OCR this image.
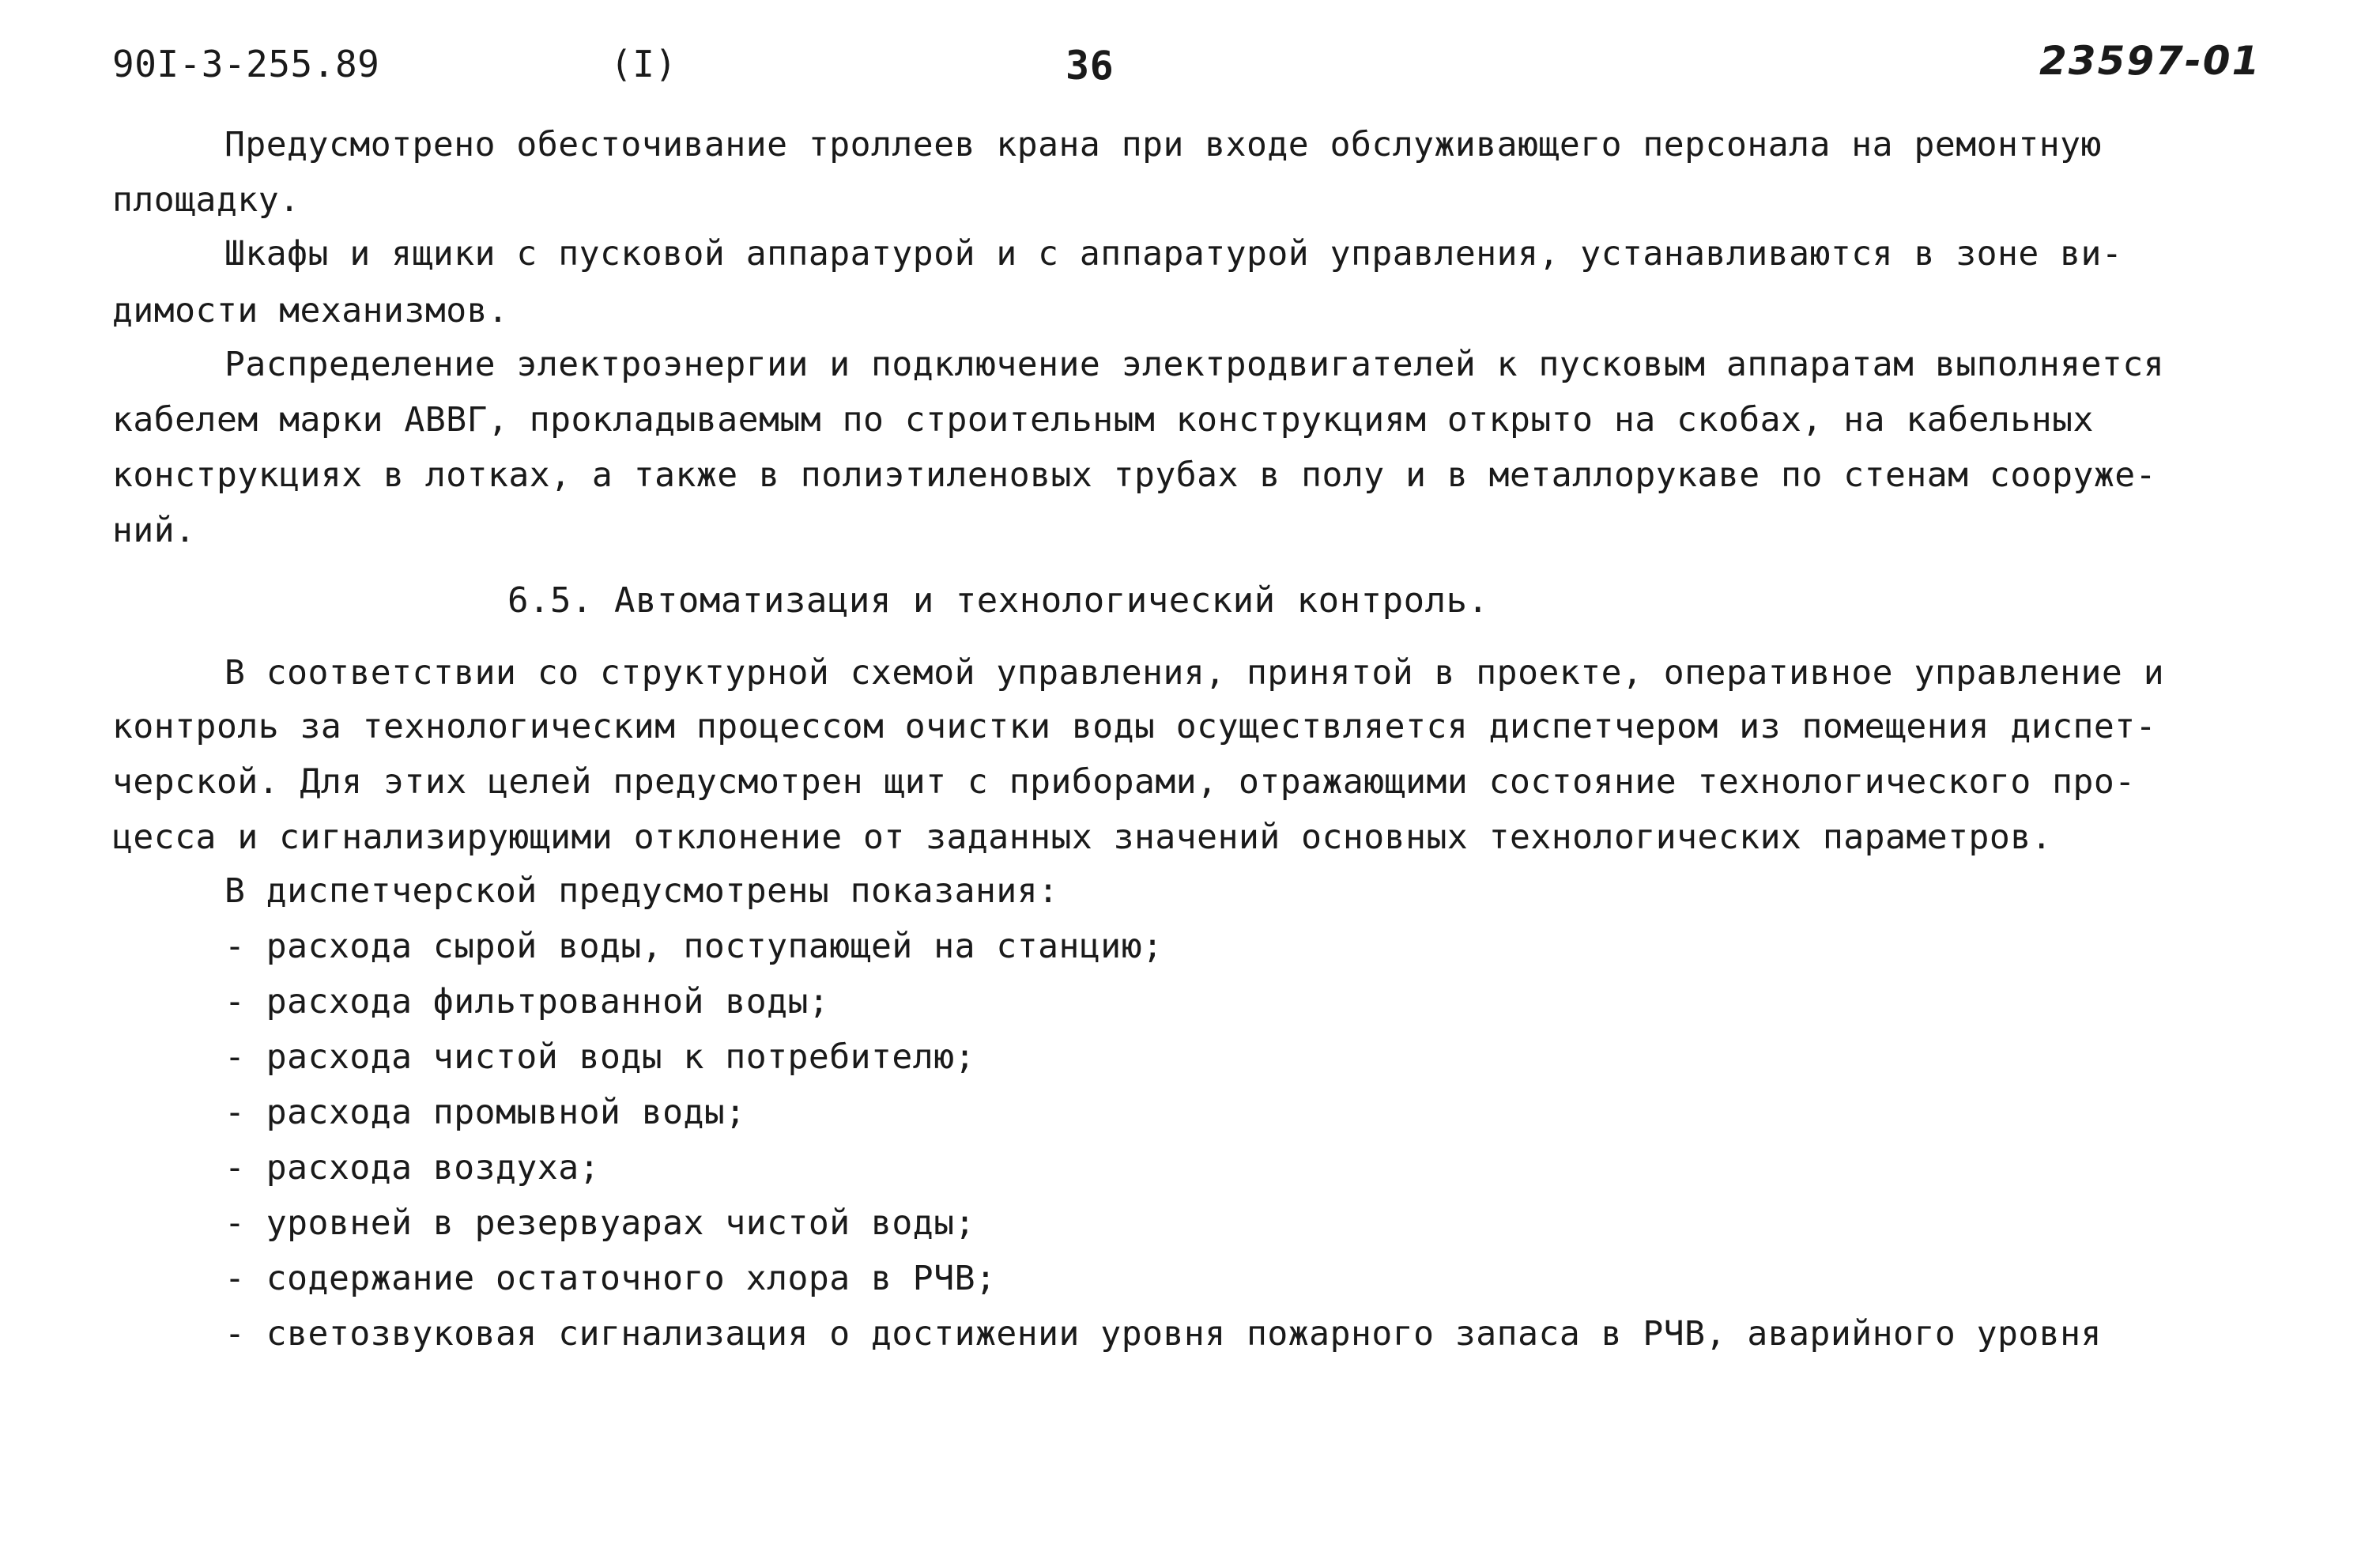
90I-3-255.89	(I)	36	23597-01
Предусмотрено обесточивание троллеев крана при входе обслуживающего персонала на ремонтную
площадку.
Шкафы и ящики с пусковой аппаратурой и с аппаратурой управления, устанавливаются в зоне ви-
димости механизмов.
Распределение электроэнергии и подключение электродвигателей к пусковым аппаратам выполняется
кабелем марки АВВГ, прокладываемым по строительным конструкциям открыто на скобах, на кабельных
конструкциях в лотках, а также в полиэтиленовых трубах в полу и в металлорукаве по стенам сооруже-
ний.
6.5. Автоматизация и технологический контроль.
В соответствии со структурной схемой управления, принятой в проекте, оперативное управление и
контроль за технологическим процессом очистки воды осуществляется диспетчером из помещения диспет-
черской. Для этих целей предусмотрен щит с приборами, отражающими состояние технологического про-
цесса и сигнализирующими отклонение от заданных значений основных технологических параметров.
В диспетчерской предусмотрены показания:
- расхода сырой воды, поступающей на станцию;
- расхода фильтрованной воды;
- расхода чистой воды к потребителю;
- расхода промывной воды;
- расхода воздуха;
- уровней в резервуарах чистой воды;
- содержание остаточного хлора в РЧВ;
- светозвуковая сигнализация о достижении уровня пожарного запаса в РЧВ, аварийного уровня
